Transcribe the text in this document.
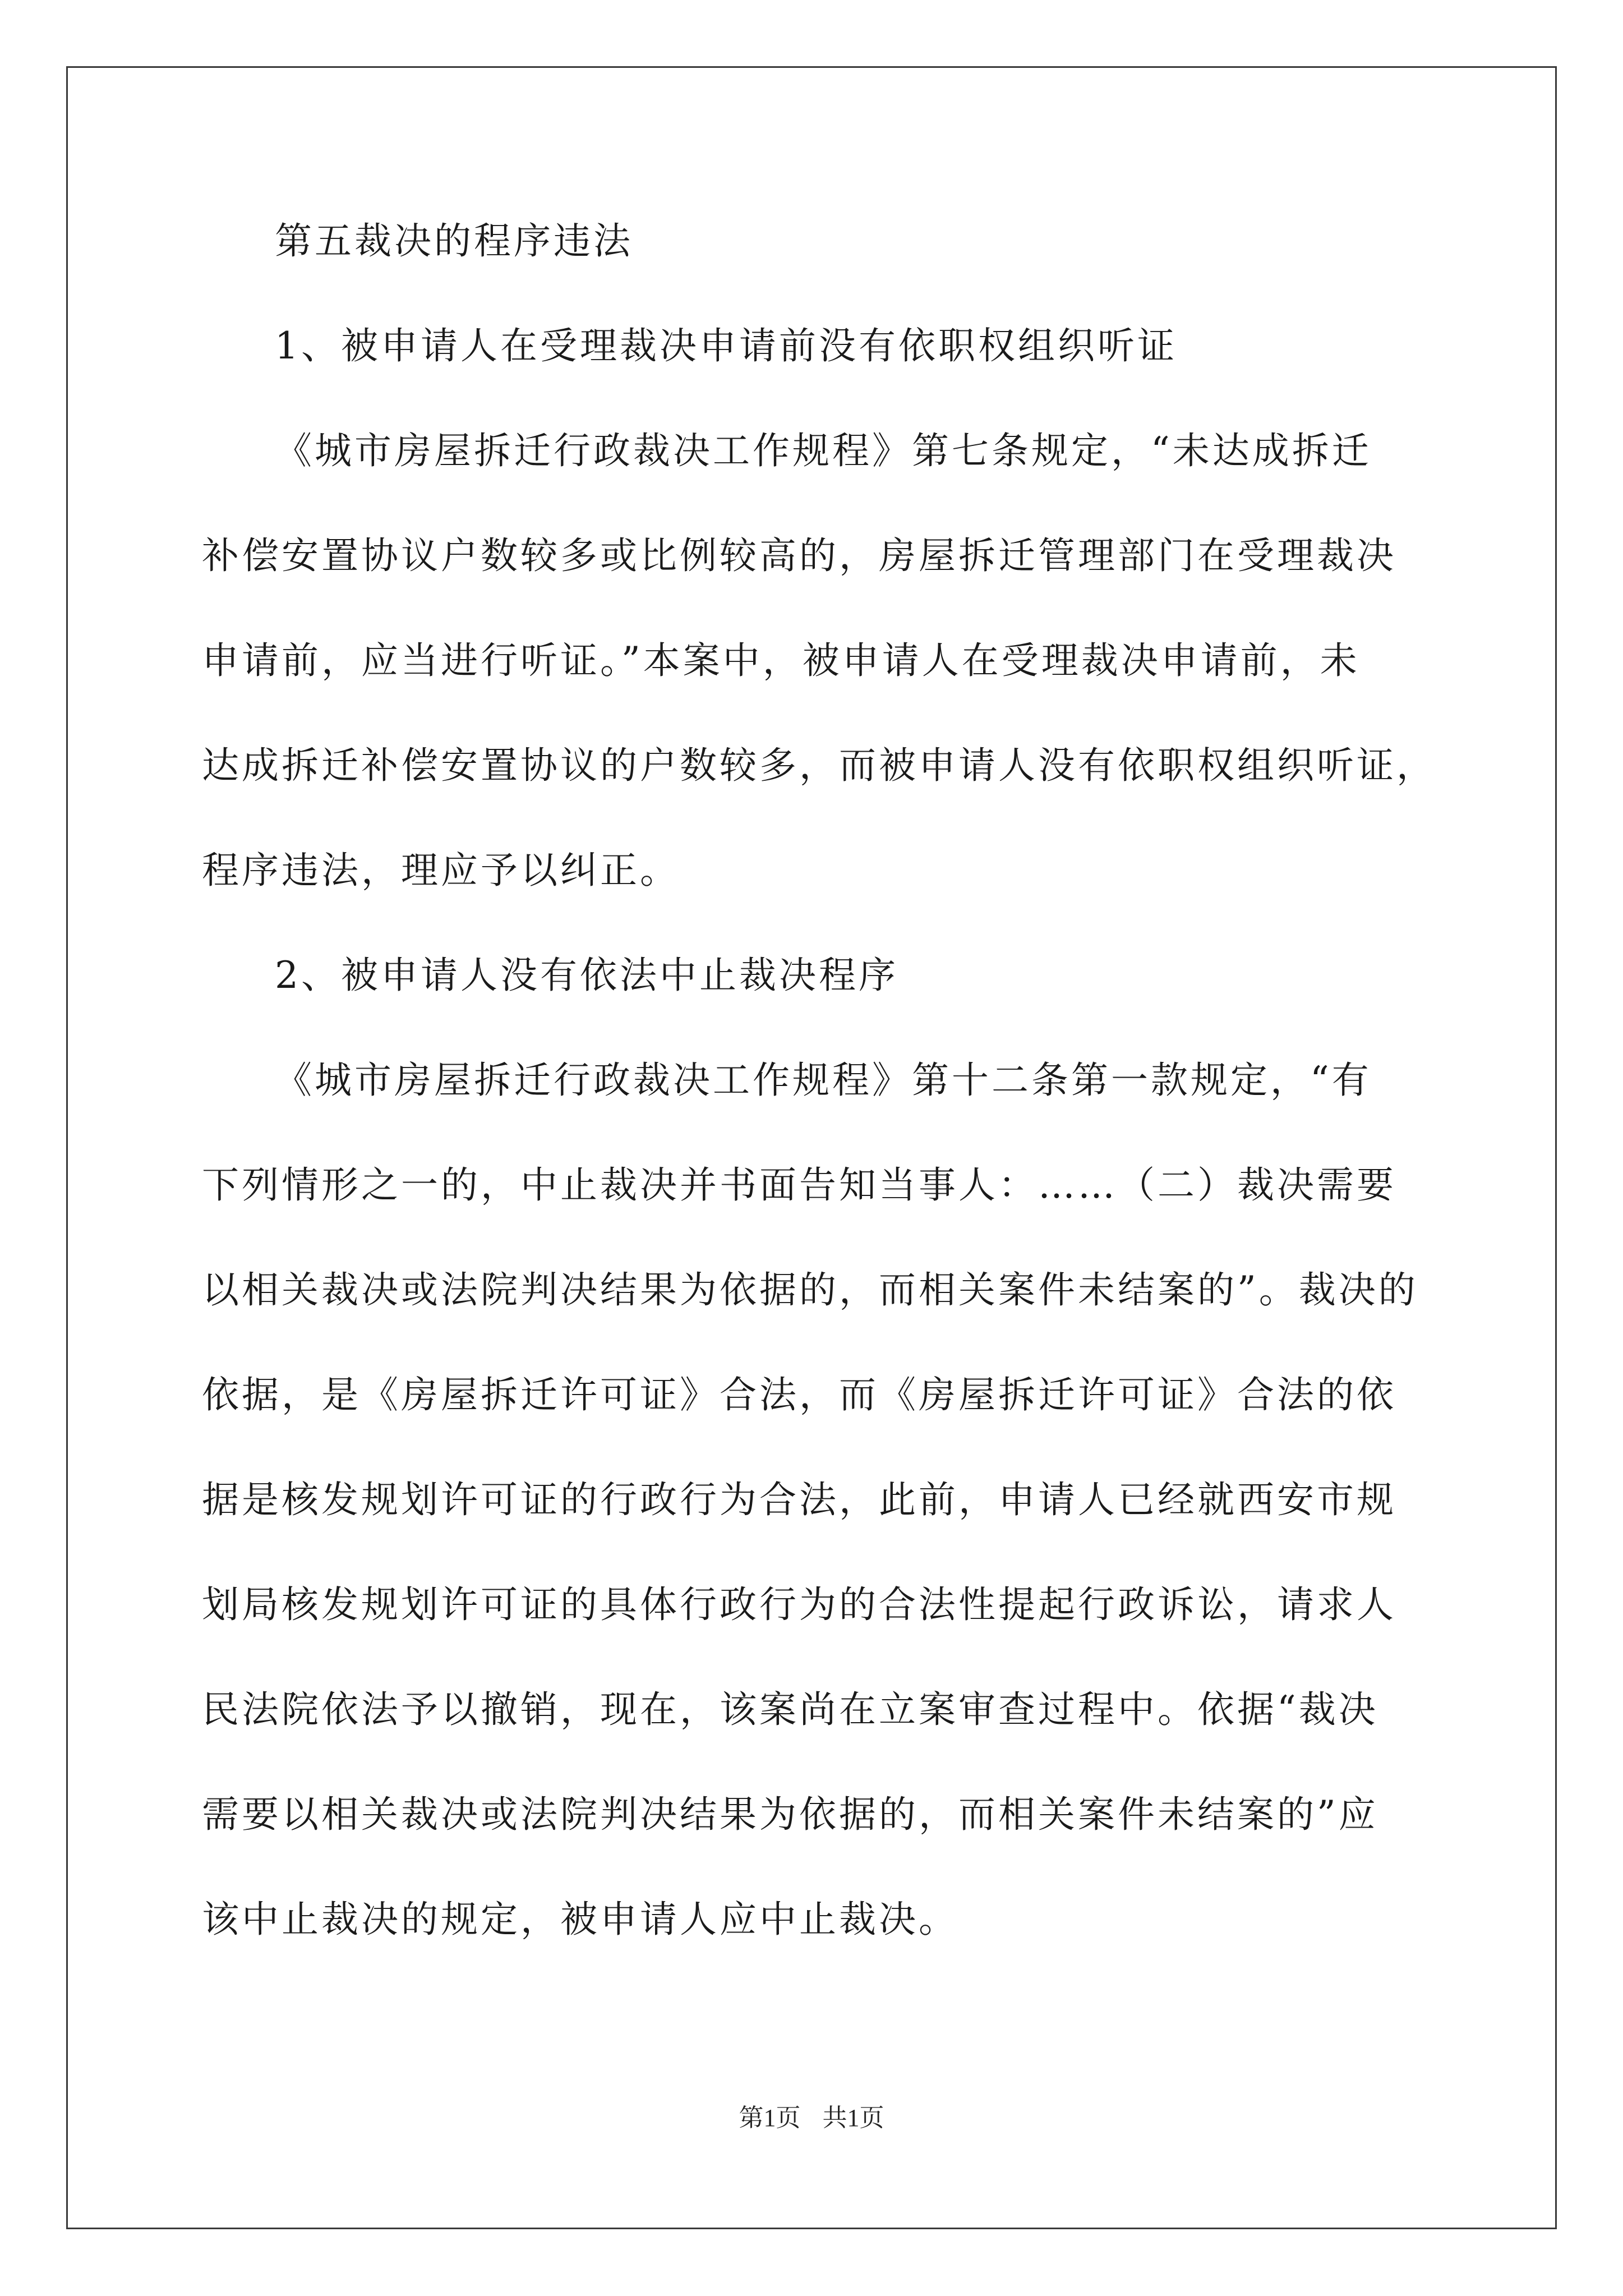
第五裁决的程序违法
1、被申请人在受理裁决申请前没有依职权组织听证
《城市房屋拆迁行政裁决工作规程》第七条规定，“未达成拆迁
补偿安置协议户数较多或比例较高的，房屋拆迁管理部门在受理裁决
申请前，应当进行听证。”本案中，被申请人在受理裁决申请前，未
达成拆迁补偿安置协议的户数较多，而被申请人没有依职权组织听证，
程序违法，理应予以纠正。
2、被申请人没有依法中止裁决程序
《城市房屋拆迁行政裁决工作规程》第十二条第一款规定，“有
下列情形之一的，中止裁决并书面告知当事人：……（二）裁决需要
以相关裁决或法院判决结果为依据的，而相关案件未结案的”。裁决的
依据，是《房屋拆迁许可证》合法，而《房屋拆迁许可证》合法的依
据是核发规划许可证的行政行为合法，此前，申请人已经就西安市规
划局核发规划许可证的具体行政行为的合法性提起行政诉讼，请求人
民法院依法予以撤销，现在，该案尚在立案审查过程中。依据“裁决
需要以相关裁决或法院判决结果为依据的，而相关案件未结案的”应
该中止裁决的规定，被申请人应中止裁决。
第1页 共1页
